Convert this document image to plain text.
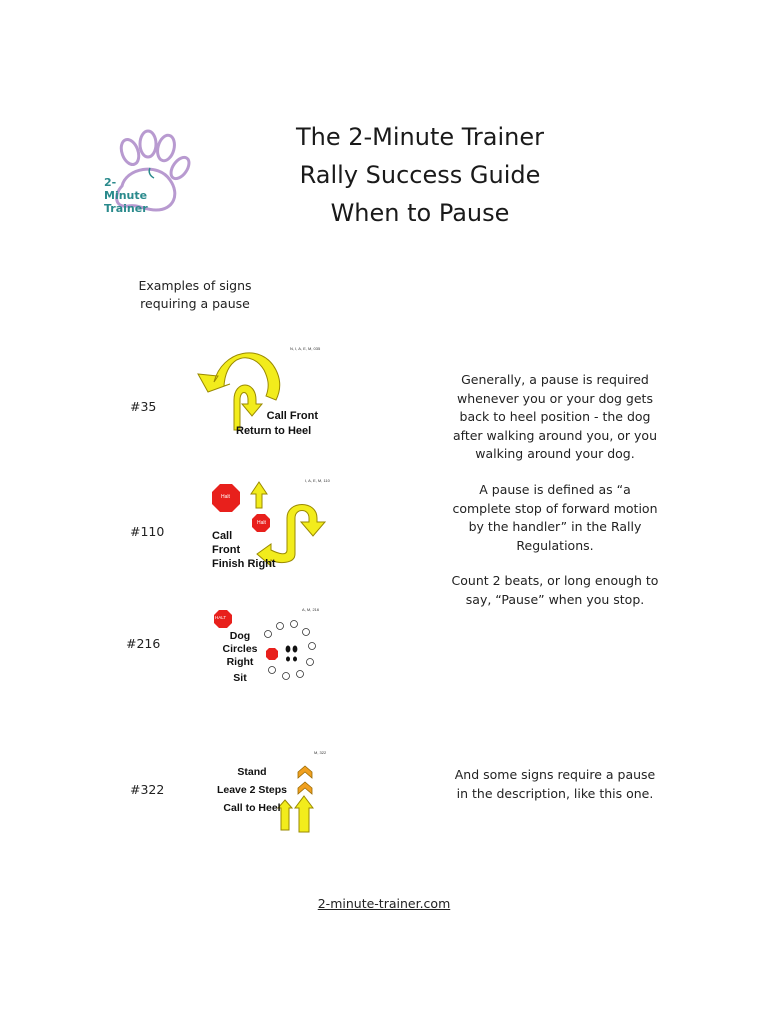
2-
Minute
Trainer
The 2-Minute Trainer
Rally Success Guide
When to Pause
Examples of signs
requiring a pause
#35
#110
#216
#322
N, I, A, E, M, 035
Call Front
Return to Heel
I, A, E, M, 110
Halt
Halt
Call
Front
Finish Right
A, M, 216
HALT
Dog
Circles
Right
Sit
M, 322
Stand
Leave 2 Steps
Call to Heel
Generally, a pause is required
whenever you or your dog gets
back to heel position - the dog
after walking around you, or you
walking around your dog.
A pause is defined as “a
complete stop of forward motion
by the handler” in the Rally
Regulations.
Count 2 beats, or long enough to
say, “Pause” when you stop.
And some signs require a pause
in the description, like this one.
2-minute-trainer.com
